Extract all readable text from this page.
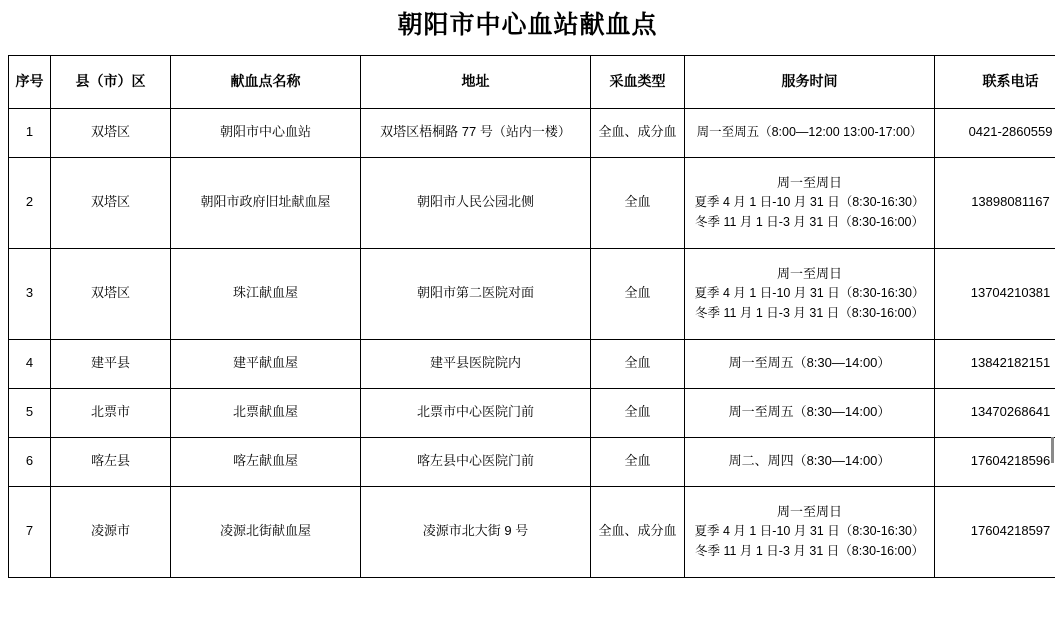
朝阳市中心血站献血点
序号	县（市）区	献血点名称	地址	采血类型	服务时间	联系电话
1	双塔区	朝阳市中心血站	双塔区梧桐路 77 号（站内一楼）	全血、成分血	周一至周五（8:00—12:00 13:00-17:00）	0421-2860559
2	双塔区	朝阳市政府旧址献血屋	朝阳市人民公园北侧	全血	周一至周日
夏季 4 月 1 日-10 月 31 日（8:30-16:30）
冬季 11 月 1 日-3 月 31 日（8:30-16:00）	13898081167
3	双塔区	珠江献血屋	朝阳市第二医院对面	全血	周一至周日
夏季 4 月 1 日-10 月 31 日（8:30-16:30）
冬季 11 月 1 日-3 月 31 日（8:30-16:00）	13704210381
4	建平县	建平献血屋	建平县医院院内	全血	周一至周五（8:30—14:00）	13842182151
5	北票市	北票献血屋	北票市中心医院门前	全血	周一至周五（8:30—14:00）	13470268641
6	喀左县	喀左献血屋	喀左县中心医院门前	全血	周二、周四（8:30—14:00）	17604218596
7	凌源市	凌源北街献血屋	凌源市北大街 9 号	全血、成分血	周一至周日
夏季 4 月 1 日-10 月 31 日（8:30-16:30）
冬季 11 月 1 日-3 月 31 日（8:30-16:00）	17604218597
